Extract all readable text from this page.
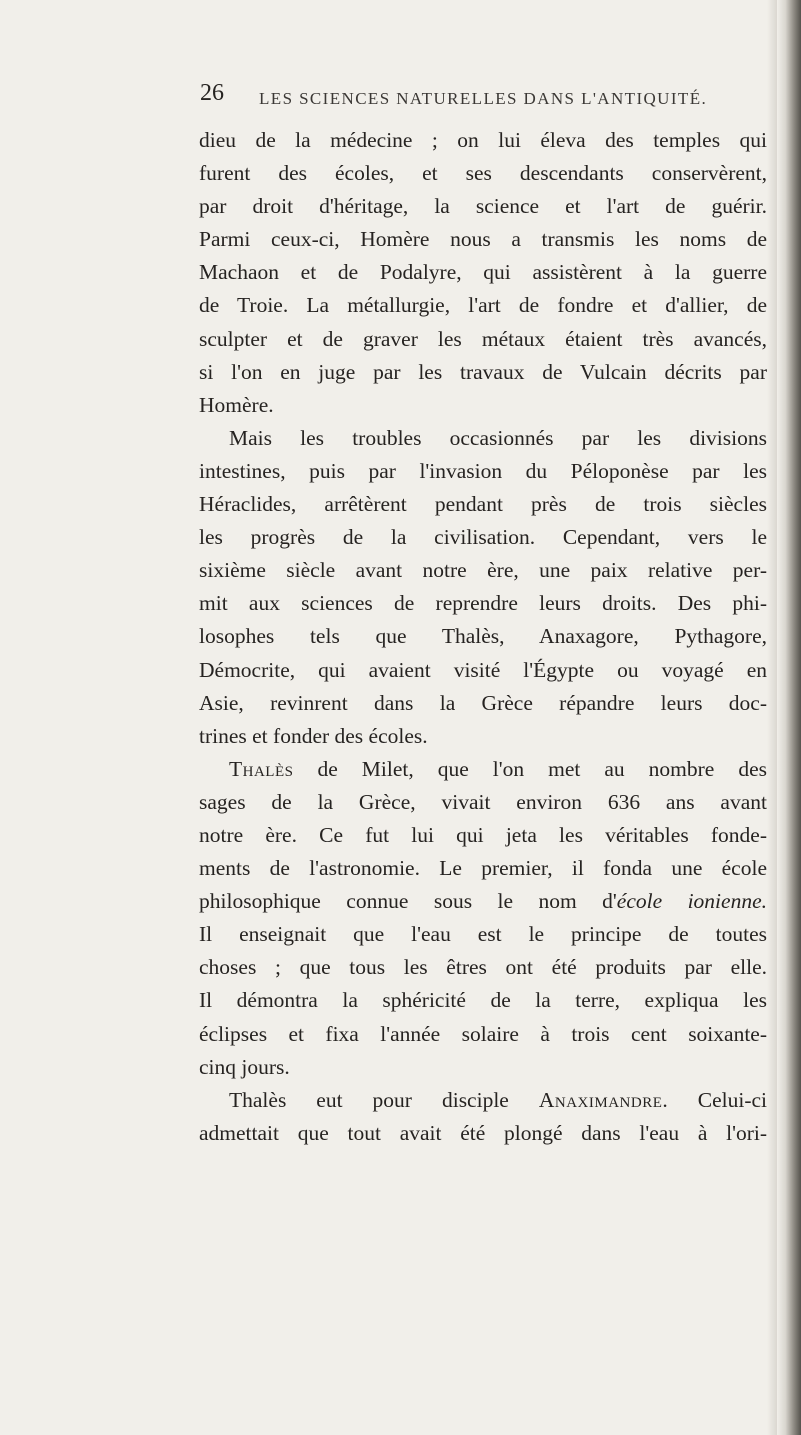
26 LES SCIENCES NATURELLES DANS L'ANTIQUITÉ.
dieu de la médecine ; on lui éleva des temples qui
furent des écoles, et ses descendants conservèrent,
par droit d'héritage, la science et l'art de guérir.
Parmi ceux-ci, Homère nous a transmis les noms de
Machaon et de Podalyre, qui assistèrent à la guerre
de Troie. La métallurgie, l'art de fondre et d'allier, de
sculpter et de graver les métaux étaient très avancés,
si l'on en juge par les travaux de Vulcain décrits par
Homère.
Mais les troubles occasionnés par les divisions
intestines, puis par l'invasion du Péloponèse par les
Héraclides, arrêtèrent pendant près de trois siècles
les progrès de la civilisation. Cependant, vers le
sixième siècle avant notre ère, une paix relative per-
mit aux sciences de reprendre leurs droits. Des phi-
losophes tels que Thalès, Anaxagore, Pythagore,
Démocrite, qui avaient visité l'Égypte ou voyagé en
Asie, revinrent dans la Grèce répandre leurs doc-
trines et fonder des écoles.
Thalès de Milet, que l'on met au nombre des
sages de la Grèce, vivait environ 636 ans avant
notre ère. Ce fut lui qui jeta les véritables fonde-
ments de l'astronomie. Le premier, il fonda une école
philosophique connue sous le nom d'école ionienne.
Il enseignait que l'eau est le principe de toutes
choses ; que tous les êtres ont été produits par elle.
Il démontra la sphéricité de la terre, expliqua les
éclipses et fixa l'année solaire à trois cent soixante-
cinq jours.
Thalès eut pour disciple Anaximandre. Celui-ci
admettait que tout avait été plongé dans l'eau à l'ori-
